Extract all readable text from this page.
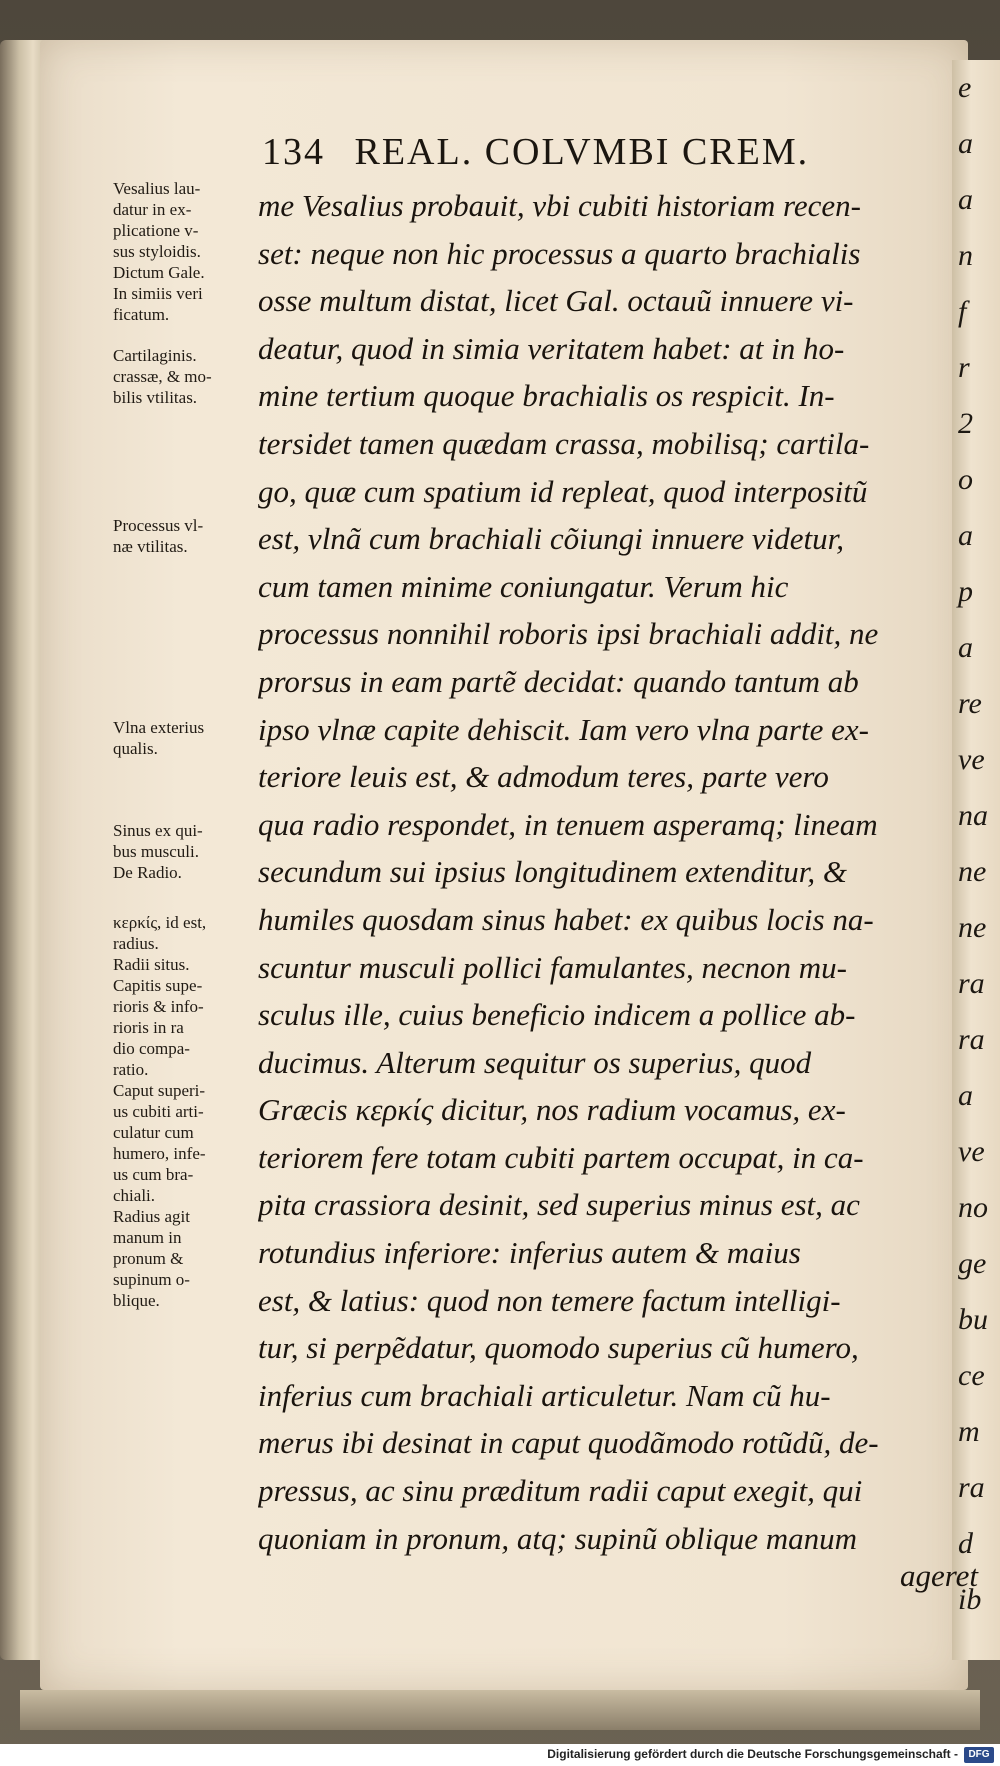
e
a
a
n
f
r
2
o
a
p
a
re
ve
na
ne
ne
ra
ra
a
ve
no
ge
bu
ce
m
ra
d
ib
134 REAL. COLVMBI CREM.
me Vesalius probauit, vbi cubiti historiam recen-
set: neque non hic processus a quarto brachialis
osse multum distat, licet Gal. octauũ innuere vi-
deatur, quod in simia veritatem habet: at in ho-
mine tertium quoque brachialis os respicit. In-
tersidet tamen quædam crassa, mobilisq; cartila-
go, quæ cum spatium id repleat, quod interpositũ
est, vlnã cum brachiali cõiungi innuere videtur,
cum tamen minime coniungatur. Verum hic
processus nonnihil roboris ipsi brachiali addit, ne
prorsus in eam partẽ decidat: quando tantum ab
ipso vlnæ capite dehiscit. Iam vero vlna parte ex-
teriore leuis est, & admodum teres, parte vero
qua radio respondet, in tenuem asperamq; lineam
secundum sui ipsius longitudinem extenditur, &
humiles quosdam sinus habet: ex quibus locis na-
scuntur musculi pollici famulantes, necnon mu-
sculus ille, cuius beneficio indicem a pollice ab-
ducimus. Alterum sequitur os superius, quod
Græcis κερκίς dicitur, nos radium vocamus, ex-
teriorem fere totam cubiti partem occupat, in ca-
pita crassiora desinit, sed superius minus est, ac
rotundius inferiore: inferius autem & maius
est, & latius: quod non temere factum intelligi-
tur, si perpẽdatur, quomodo superius cũ humero,
inferius cum brachiali articuletur. Nam cũ hu-
merus ibi desinat in caput quodãmodo rotũdũ, de-
pressus, ac sinu præditum radii caput exegit, qui
quoniam in pronum, atq; supinũ oblique manum
ageret
Vesalius lau-
datur in ex-
plicatione v-
sus styloidis.
Dictum Gale.
In simiis veri
ficatum.
Cartilaginis.
crassæ, & mo-
bilis vtilitas.
Processus vl-
næ vtilitas.
Vlna exterius
qualis.
Sinus ex qui-
bus musculi.
De Radio.
κερκίς, id est,
radius.
Radii situs.
Capitis supe-
rioris & info-
rioris in ra
dio compa-
ratio.
Caput superi-
us cubiti arti-
culatur cum
humero, infe-
us cum bra-
chiali.
Radius agit
manum in
pronum &
supinum o-
blique.
Digitalisierung gefördert durch die Deutsche Forschungsgemeinschaft -	DFG
